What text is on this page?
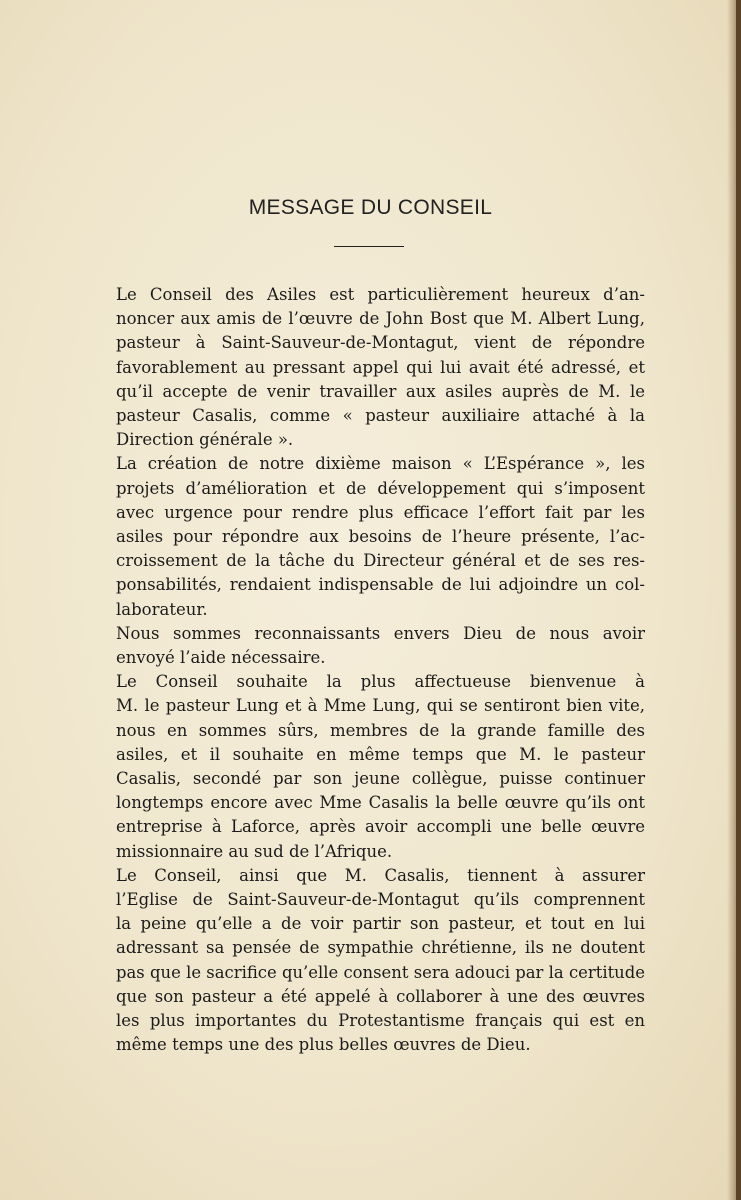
MESSAGE DU CONSEIL
Le Conseil des Asiles est particulièrement heureux d’an-
noncer aux amis de l’œuvre de John Bost que M. Albert Lung,
pasteur à Saint-Sauveur-de-Montagut, vient de répondre
favorablement au pressant appel qui lui avait été adressé, et
qu’il accepte de venir travailler aux asiles auprès de M. le
pasteur Casalis, comme « pasteur auxiliaire attaché à la
Direction générale ».
La création de notre dixième maison « L’Espérance », les
projets d’amélioration et de développement qui s’imposent
avec urgence pour rendre plus efficace l’effort fait par les
asiles pour répondre aux besoins de l’heure présente, l’ac-
croissement de la tâche du Directeur général et de ses res-
ponsabilités, rendaient indispensable de lui adjoindre un col-
laborateur.
Nous sommes reconnaissants envers Dieu de nous avoir
envoyé l’aide nécessaire.
Le Conseil souhaite la plus affectueuse bienvenue à
M. le pasteur Lung et à Mme Lung, qui se sentiront bien vite,
nous en sommes sûrs, membres de la grande famille des
asiles, et il souhaite en même temps que M. le pasteur
Casalis, secondé par son jeune collègue, puisse continuer
longtemps encore avec Mme Casalis la belle œuvre qu’ils ont
entreprise à Laforce, après avoir accompli une belle œuvre
missionnaire au sud de l’Afrique.
Le Conseil, ainsi que M. Casalis, tiennent à assurer
l’Eglise de Saint-Sauveur-de-Montagut qu’ils comprennent
la peine qu’elle a de voir partir son pasteur, et tout en lui
adressant sa pensée de sympathie chrétienne, ils ne doutent
pas que le sacrifice qu’elle consent sera adouci par la certitude
que son pasteur a été appelé à collaborer à une des œuvres
les plus importantes du Protestantisme français qui est en
même temps une des plus belles œuvres de Dieu.
